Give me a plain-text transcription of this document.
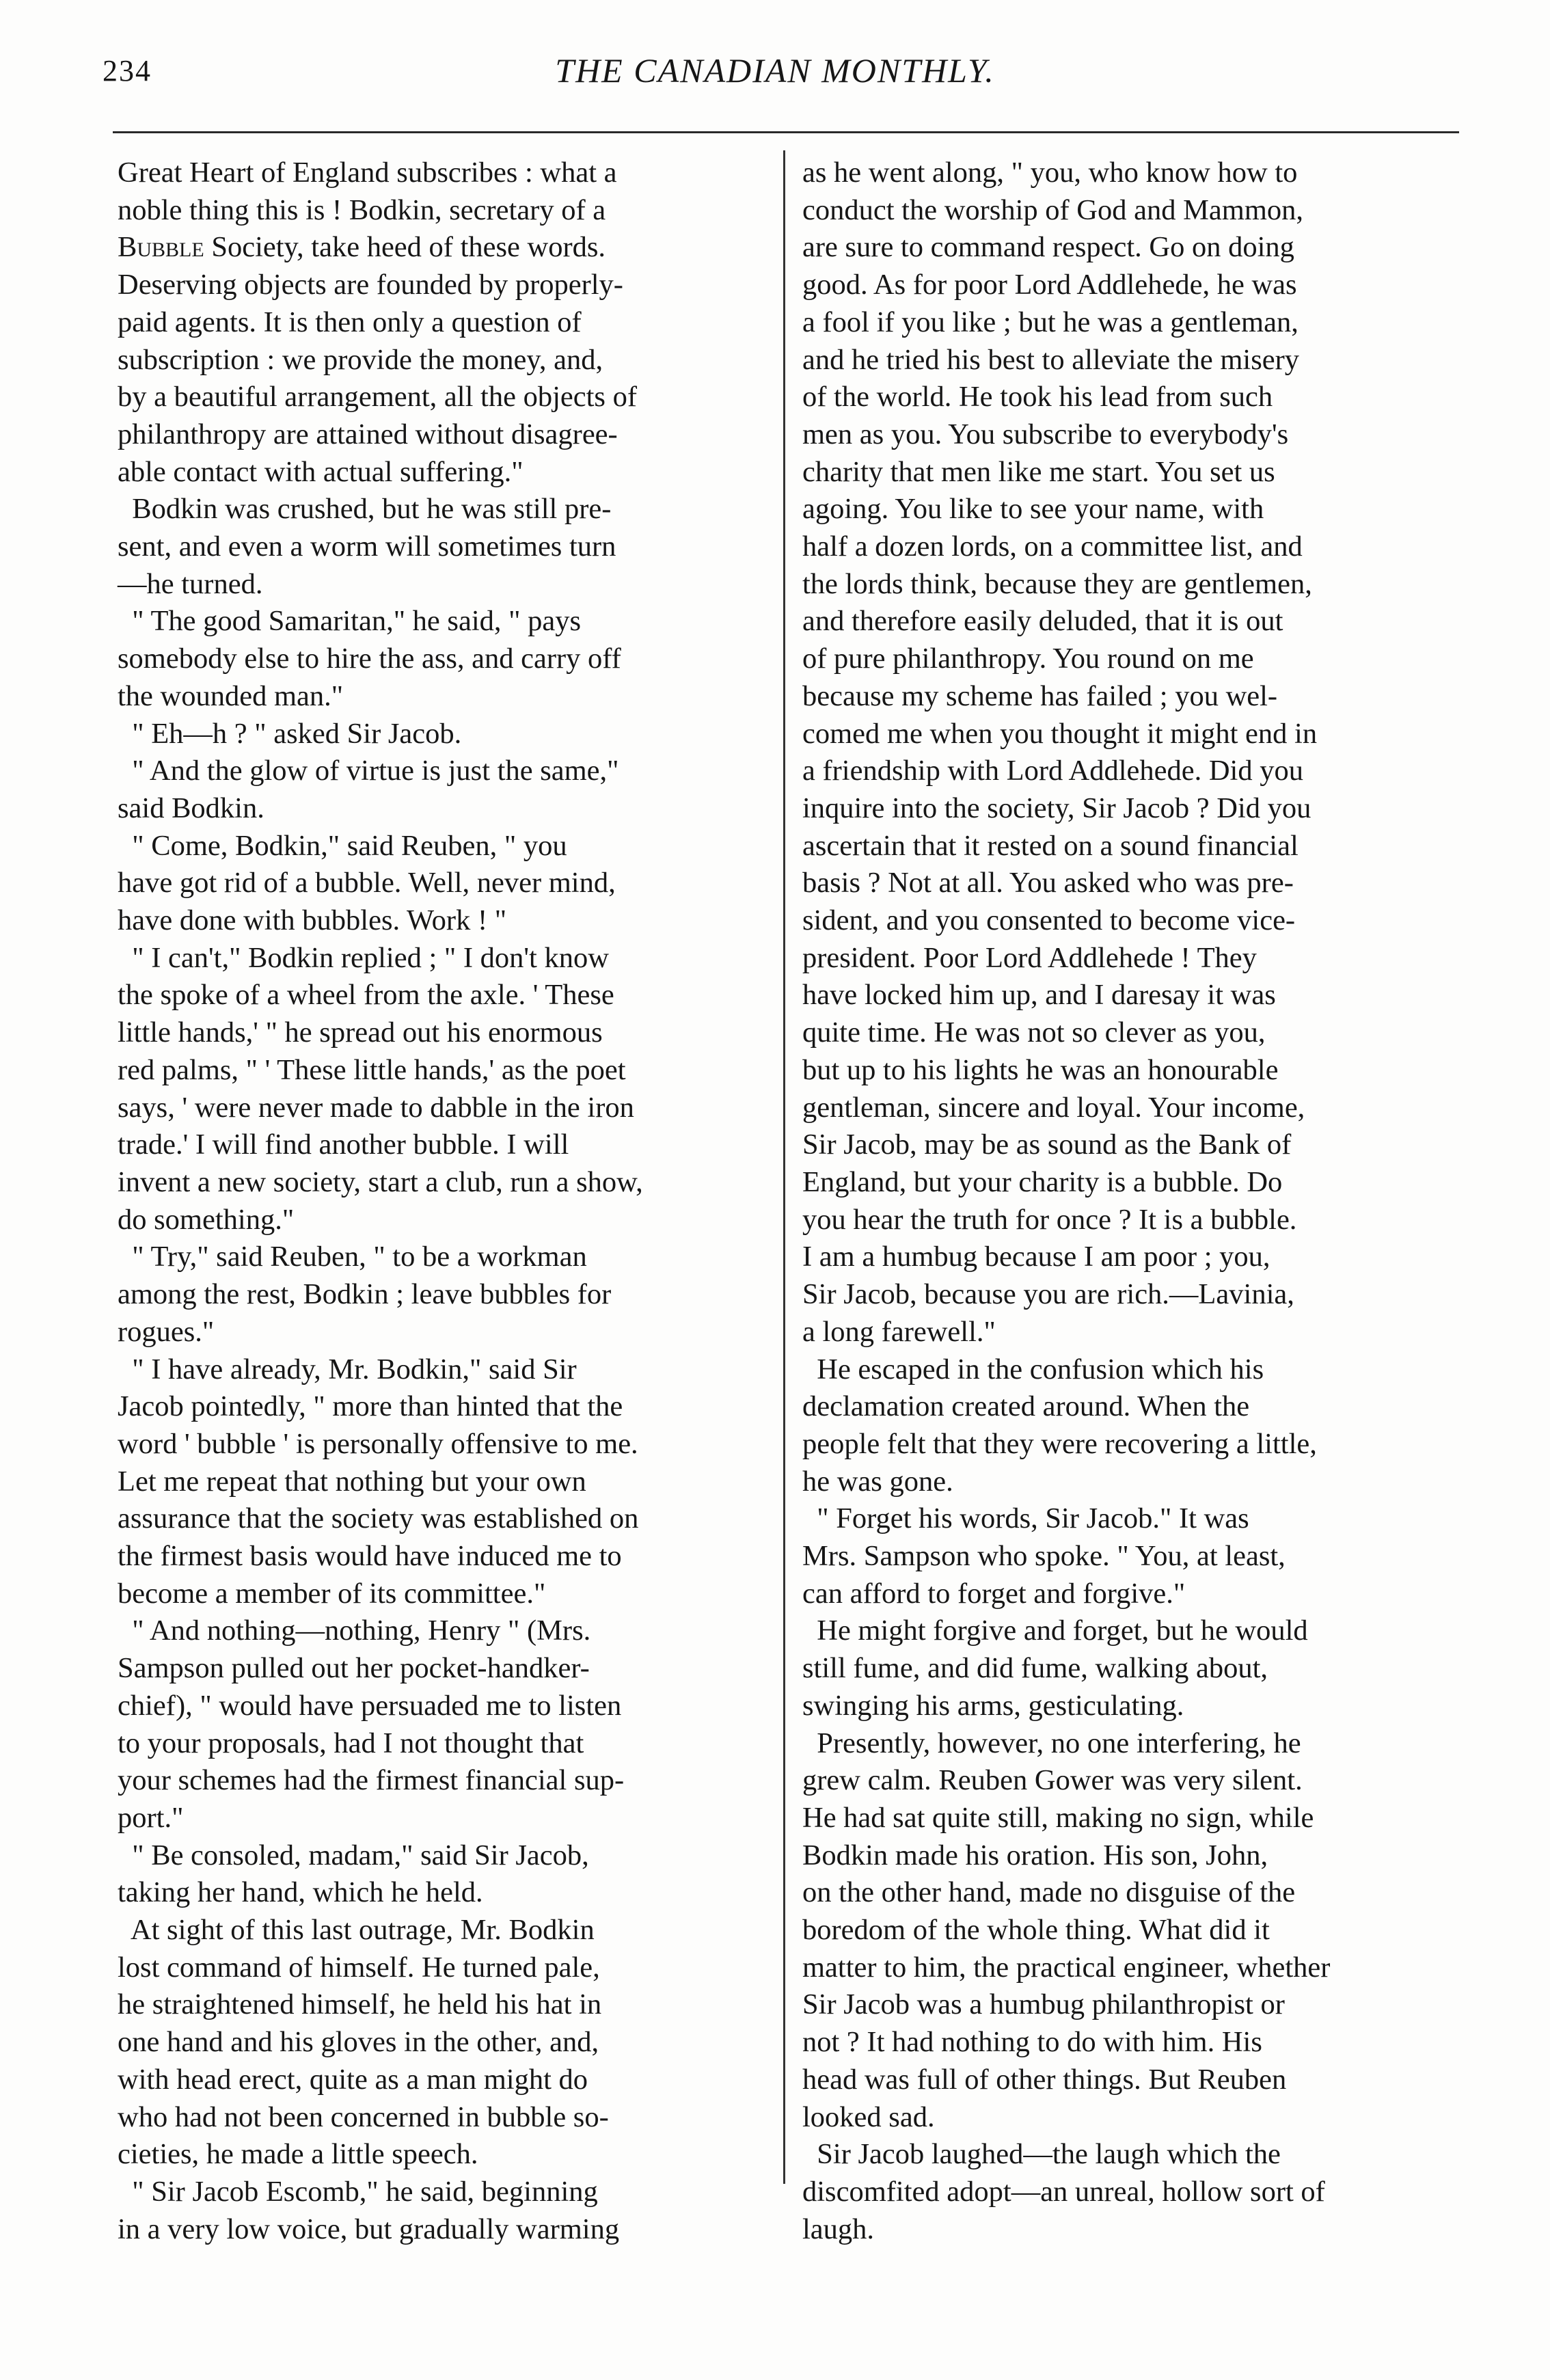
234	THE CANADIAN MONTHLY.
Great Heart of England subscribes : what a
noble thing this is ! Bodkin, secretary of a
Bubble Society, take heed of these words.
Deserving objects are founded by properly-
paid agents. It is then only a question of
subscription : we provide the money, and,
by a beautiful arrangement, all the objects of
philanthropy are attained without disagree-
able contact with actual suffering."
Bodkin was crushed, but he was still pre-
sent, and even a worm will sometimes turn
—he turned.
" The good Samaritan," he said, " pays
somebody else to hire the ass, and carry off
the wounded man."
" Eh—h ? " asked Sir Jacob.
" And the glow of virtue is just the same,"
said Bodkin.
" Come, Bodkin," said Reuben, " you
have got rid of a bubble. Well, never mind,
have done with bubbles. Work ! "
" I can't," Bodkin replied ; " I don't know
the spoke of a wheel from the axle. ' These
little hands,' " he spread out his enormous
red palms, " ' These little hands,' as the poet
says, ' were never made to dabble in the iron
trade.' I will find another bubble. I will
invent a new society, start a club, run a show,
do something."
" Try," said Reuben, " to be a workman
among the rest, Bodkin ; leave bubbles for
rogues."
" I have already, Mr. Bodkin," said Sir
Jacob pointedly, " more than hinted that the
word ' bubble ' is personally offensive to me.
Let me repeat that nothing but your own
assurance that the society was established on
the firmest basis would have induced me to
become a member of its committee."
" And nothing—nothing, Henry " (Mrs.
Sampson pulled out her pocket-handker-
chief), " would have persuaded me to listen
to your proposals, had I not thought that
your schemes had the firmest financial sup-
port."
" Be consoled, madam," said Sir Jacob,
taking her hand, which he held.
At sight of this last outrage, Mr. Bodkin
lost command of himself. He turned pale,
he straightened himself, he held his hat in
one hand and his gloves in the other, and,
with head erect, quite as a man might do
who had not been concerned in bubble so-
cieties, he made a little speech.
" Sir Jacob Escomb," he said, beginning
in a very low voice, but gradually warming
as he went along, " you, who know how to
conduct the worship of God and Mammon,
are sure to command respect. Go on doing
good. As for poor Lord Addlehede, he was
a fool if you like ; but he was a gentleman,
and he tried his best to alleviate the misery
of the world. He took his lead from such
men as you. You subscribe to everybody's
charity that men like me start. You set us
agoing. You like to see your name, with
half a dozen lords, on a committee list, and
the lords think, because they are gentlemen,
and therefore easily deluded, that it is out
of pure philanthropy. You round on me
because my scheme has failed ; you wel-
comed me when you thought it might end in
a friendship with Lord Addlehede. Did you
inquire into the society, Sir Jacob ? Did you
ascertain that it rested on a sound financial
basis ? Not at all. You asked who was pre-
sident, and you consented to become vice-
president. Poor Lord Addlehede ! They
have locked him up, and I daresay it was
quite time. He was not so clever as you,
but up to his lights he was an honourable
gentleman, sincere and loyal. Your income,
Sir Jacob, may be as sound as the Bank of
England, but your charity is a bubble. Do
you hear the truth for once ? It is a bubble.
I am a humbug because I am poor ; you,
Sir Jacob, because you are rich.—Lavinia,
a long farewell."
He escaped in the confusion which his
declamation created around. When the
people felt that they were recovering a little,
he was gone.
" Forget his words, Sir Jacob." It was
Mrs. Sampson who spoke. " You, at least,
can afford to forget and forgive."
He might forgive and forget, but he would
still fume, and did fume, walking about,
swinging his arms, gesticulating.
Presently, however, no one interfering, he
grew calm. Reuben Gower was very silent.
He had sat quite still, making no sign, while
Bodkin made his oration. His son, John,
on the other hand, made no disguise of the
boredom of the whole thing. What did it
matter to him, the practical engineer, whether
Sir Jacob was a humbug philanthropist or
not ? It had nothing to do with him. His
head was full of other things. But Reuben
looked sad.
Sir Jacob laughed—the laugh which the
discomfited adopt—an unreal, hollow sort of
laugh.
